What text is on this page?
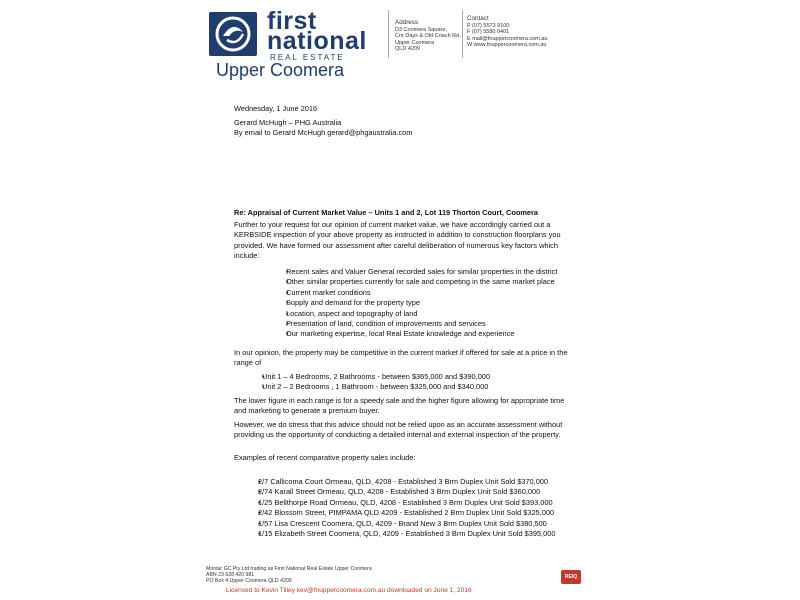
first
national
REAL ESTATE
Upper Coomera
Address
D3 Coomera Square,
Cnr Days & Old Coach Rd,
Upper Coomera
QLD 4209
Contact
P (07) 5573 9100
F (07) 5580 0401
E mail@fnuppercoomera.com.au
W www.fnuppercoomera.com.au
Wednesday, 1 June 2016
Gerard McHugh – PHG Australia
By email to Gerard McHugh gerard@phgaustralia.com
Re: Appraisal of Current Market Value – Units 1 and 2, Lot 119 Thorton Court, Coomera
Further to your request for our opinion of current market value, we have accordingly carried out a KERBSIDE inspection of your above property as instructed in addition to construction floorplans you provided. We have formed our assessment after careful deliberation of numerous key factors which include:
• Recent sales and Valuer General recorded sales for similar properties in the district
• Other similar properties currently for sale and competing in the same market place
• Current market conditions
• Supply and demand for the property type
• Location, aspect and topography of land
• Presentation of land, condition of improvements and services
• Our marketing expertise, local Real Estate knowledge and experience
In our opinion, the property may be competitive in the current market if offered for sale at a price in the range of
• Unit 1 – 4 Bedrooms, 2 Bathrooms - between $365,000 and $390,000
• Unit 2 – 2 Bedrooms , 1 Bathroom - between $325,000 and $340,000
The lower figure in each range is for a speedy sale and the higher figure allowing for appropriate time and marketing to generate a premium buyer.
However, we do stress that this advice should not be relied upon as an accurate assessment without providing us the opportunity of conducting a detailed internal and external inspection of the property.
Examples of recent comparative property sales include:
• 2/7 Callicoma Court Ormeau, QLD, 4208 - Established 3 Brm Duplex Unit Sold $370,000
• 2/74 Karall Street Ormeau, QLD, 4208 - Established 3 Brm Duplex Unit Sold $360,000
• 1/25 Bellthorpe Road Ormeau, QLD, 4208 - Established 3 Brm Duplex Unit Sold $393,000
• 2/42 Blossom Street, PIMPAMA QLD 4209 - Established 2 Brm Duplex Unit Sold $325,000
• 1/57 Lisa Crescent Coomera, QLD, 4209 - Brand New 3 Brm Duplex Unit Sold $380,500
• 1/15 Elizabeth Street Coomera, QLD, 4209 - Established 3 Brm Duplex Unit Sold $395,000
Montar GC Pty Ltd trading as First National Real Estate Upper Coomera
ABN 23 628 420 981
PO Box 4 Upper Coomera QLD 4209
Licensed to Kevin Tilley kev@fnuppercoomera.com.au downloaded on June 1, 2016
REIQ
